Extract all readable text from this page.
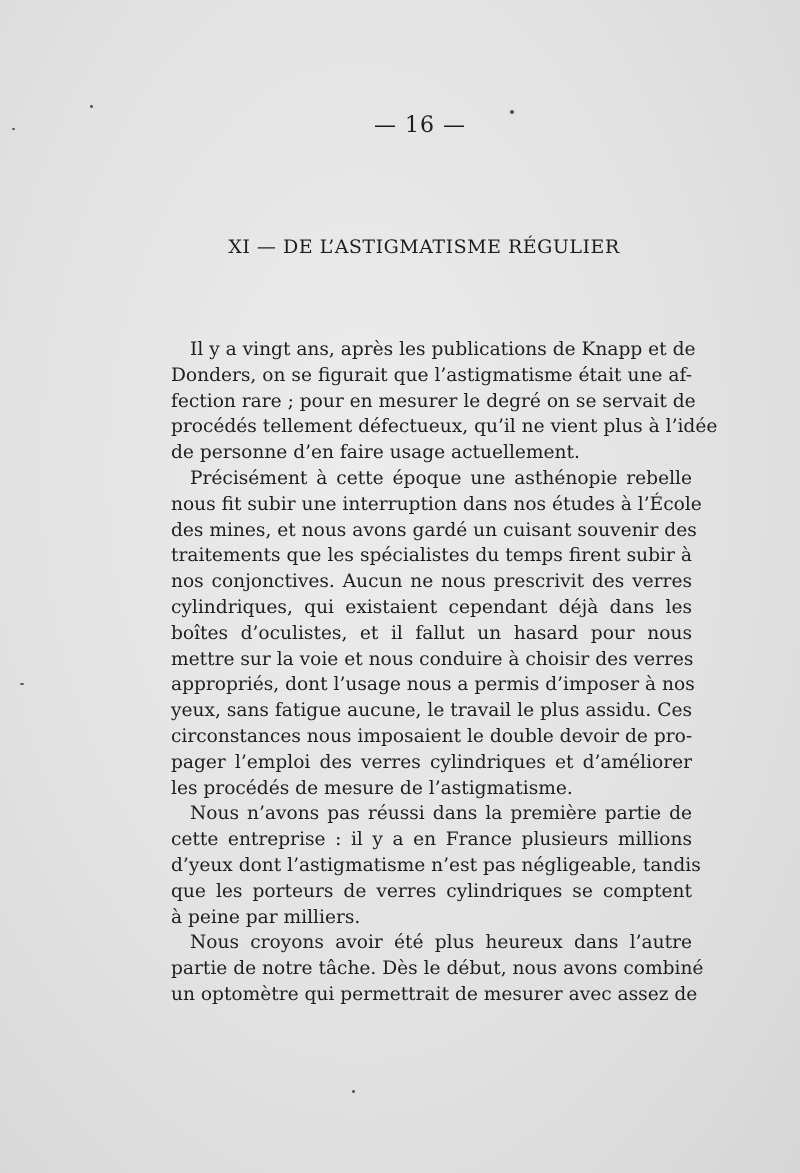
— 16 —
XI — DE L’ASTIGMATISME RÉGULIER
Il y a vingt ans, après les publications de Knapp et de
Donders, on se figurait que l’astigmatisme était une af-
fection rare ; pour en mesurer le degré on se servait de
procédés tellement défectueux, qu’il ne vient plus à l’idée
de personne d’en faire usage actuellement.
Précisément à cette époque une asthénopie rebelle
nous fit subir une interruption dans nos études à l’École
des mines, et nous avons gardé un cuisant souvenir des
traitements que les spécialistes du temps firent subir à
nos conjonctives. Aucun ne nous prescrivit des verres
cylindriques, qui existaient cependant déjà dans les
boîtes d’oculistes, et il fallut un hasard pour nous
mettre sur la voie et nous conduire à choisir des verres
appropriés, dont l’usage nous a permis d’imposer à nos
yeux, sans fatigue aucune, le travail le plus assidu. Ces
circonstances nous imposaient le double devoir de pro-
pager l’emploi des verres cylindriques et d’améliorer
les procédés de mesure de l’astigmatisme.
Nous n’avons pas réussi dans la première partie de
cette entreprise : il y a en France plusieurs millions
d’yeux dont l’astigmatisme n’est pas négligeable, tandis
que les porteurs de verres cylindriques se comptent
à peine par milliers.
Nous croyons avoir été plus heureux dans l’autre
partie de notre tâche. Dès le début, nous avons combiné
un optomètre qui permettrait de mesurer avec assez de
